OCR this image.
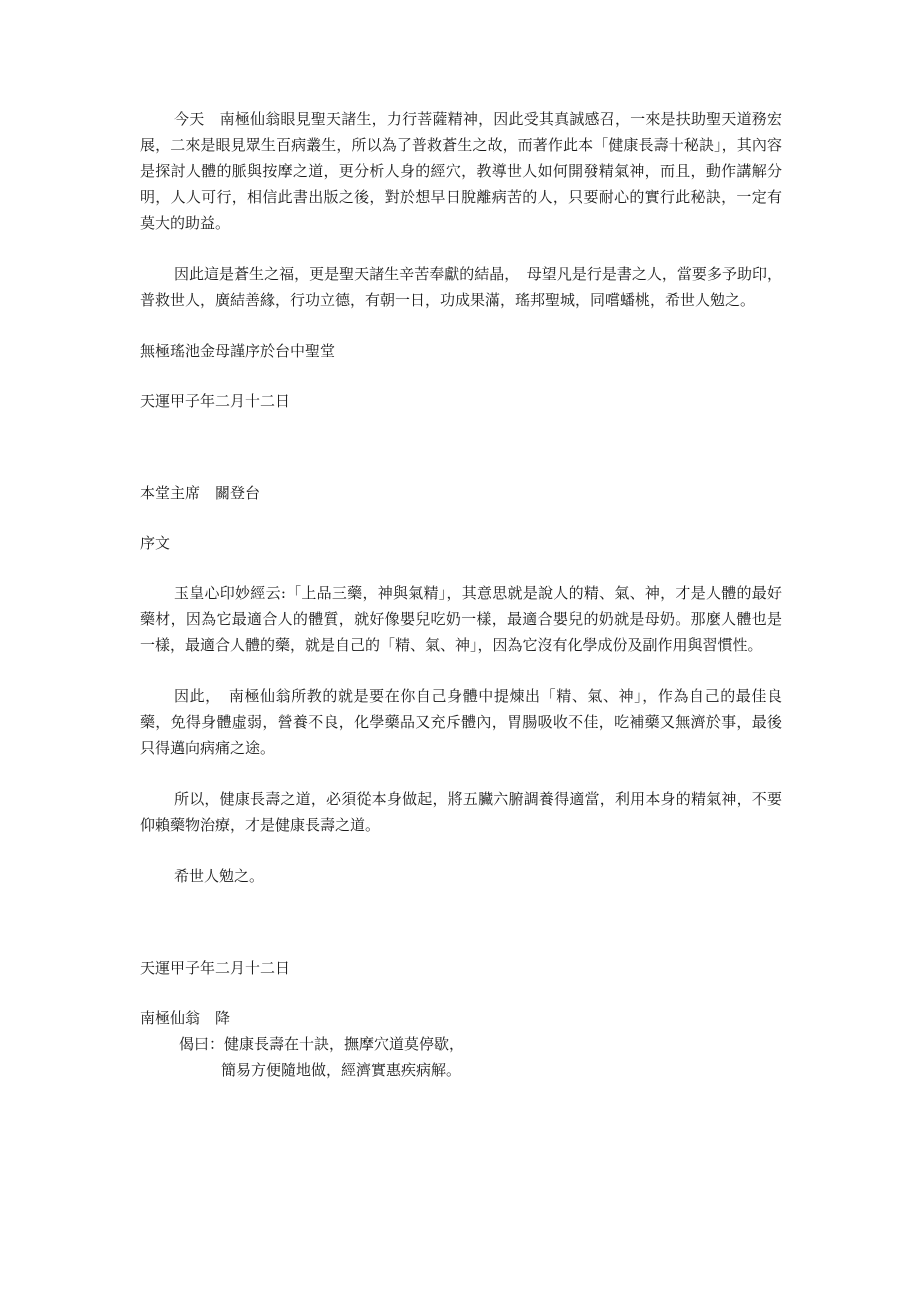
今天　南極仙翁眼見聖天諸生，力行菩薩精神，因此受其真誠感召，一來是扶助聖天道務宏展，二來是眼見眾生百病叢生，所以為了普救蒼生之故，而著作此本「健康長壽十秘訣」，其內容是探討人體的脈與按摩之道，更分析人身的經穴，教導世人如何開發精氣神，而且，動作講解分明，人人可行，相信此書出版之後，對於想早日脫離病苦的人，只要耐心的實行此秘訣，一定有莫大的助益。

因此這是蒼生之福，更是聖天諸生辛苦奉獻的結晶，　母望凡是行是書之人，當要多予助印，普救世人，廣結善緣，行功立德，有朝一日，功成果滿，瑤邦聖城，同嚐蟠桃，希世人勉之。

無極瑤池金母謹序於台中聖堂

天運甲子年二月十二日

本堂主席　關登台

序文

玉皇心印妙經云:「上品三藥，神與氣精」，其意思就是說人的精、氣、神，才是人體的最好藥材，因為它最適合人的體質，就好像嬰兒吃奶一樣，最適合嬰兒的奶就是母奶。那麼人體也是一樣，最適合人體的藥，就是自己的「精、氣、神」，因為它沒有化學成份及副作用與習慣性。

因此，　南極仙翁所教的就是要在你自己身體中提煉出「精、氣、神」，作為自己的最佳良藥，免得身體虛弱，營養不良，化學藥品又充斥體內，胃腸吸收不佳，吃補藥又無濟於事，最後只得邁向病痛之途。

所以，健康長壽之道，必須從本身做起，將五臟六腑調養得適當，利用本身的精氣神，不要仰賴藥物治療，才是健康長壽之道。

希世人勉之。

天運甲子年二月十二日

南極仙翁　降

偈曰：健康長壽在十訣，撫摩穴道莫停歇，

簡易方便隨地做，經濟實惠疾病解。
